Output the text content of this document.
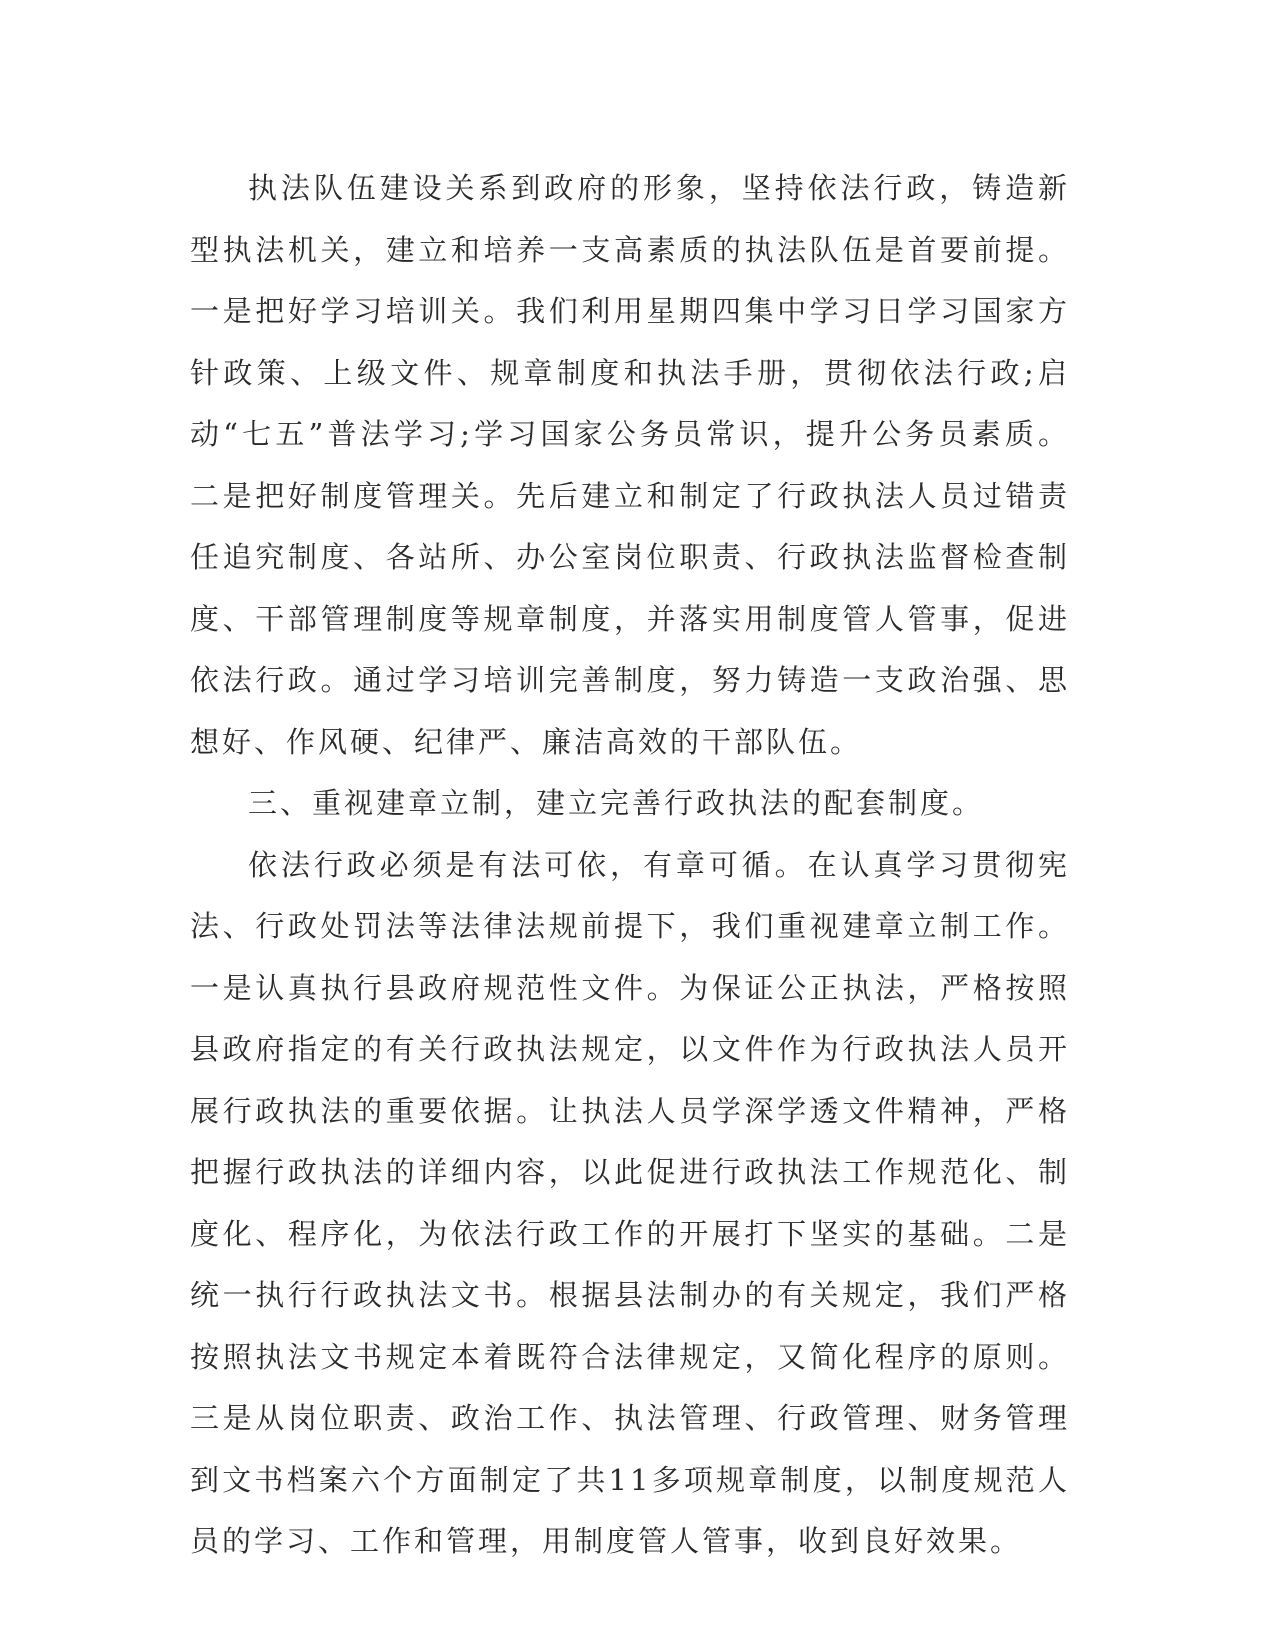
执法队伍建设关系到政府的形象，坚持依法行政，铸造新型执法机关，建立和培养一支高素质的执法队伍是首要前提。一是把好学习培训关。我们利用星期四集中学习日学习国家方针政策、上级文件、规章制度和执法手册，贯彻依法行政;启动“七五”普法学习;学习国家公务员常识，提升公务员素质。二是把好制度管理关。先后建立和制定了行政执法人员过错责任追究制度、各站所、办公室岗位职责、行政执法监督检查制度、干部管理制度等规章制度，并落实用制度管人管事，促进依法行政。通过学习培训完善制度，努力铸造一支政治强、思想好、作风硬、纪律严、廉洁高效的干部队伍。

三、重视建章立制，建立完善行政执法的配套制度。

依法行政必须是有法可依，有章可循。在认真学习贯彻宪法、行政处罚法等法律法规前提下，我们重视建章立制工作。一是认真执行县政府规范性文件。为保证公正执法，严格按照县政府指定的有关行政执法规定，以文件作为行政执法人员开展行政执法的重要依据。让执法人员学深学透文件精神，严格把握行政执法的详细内容，以此促进行政执法工作规范化、制度化、程序化，为依法行政工作的开展打下坚实的基础。二是统一执行行政执法文书。根据县法制办的有关规定，我们严格按照执法文书规定本着既符合法律规定，又简化程序的原则。三是从岗位职责、政治工作、执法管理、行政管理、财务管理到文书档案六个方面制定了共11多项规章制度，以制度规范人员的学习、工作和管理，用制度管人管事，收到良好效果。
